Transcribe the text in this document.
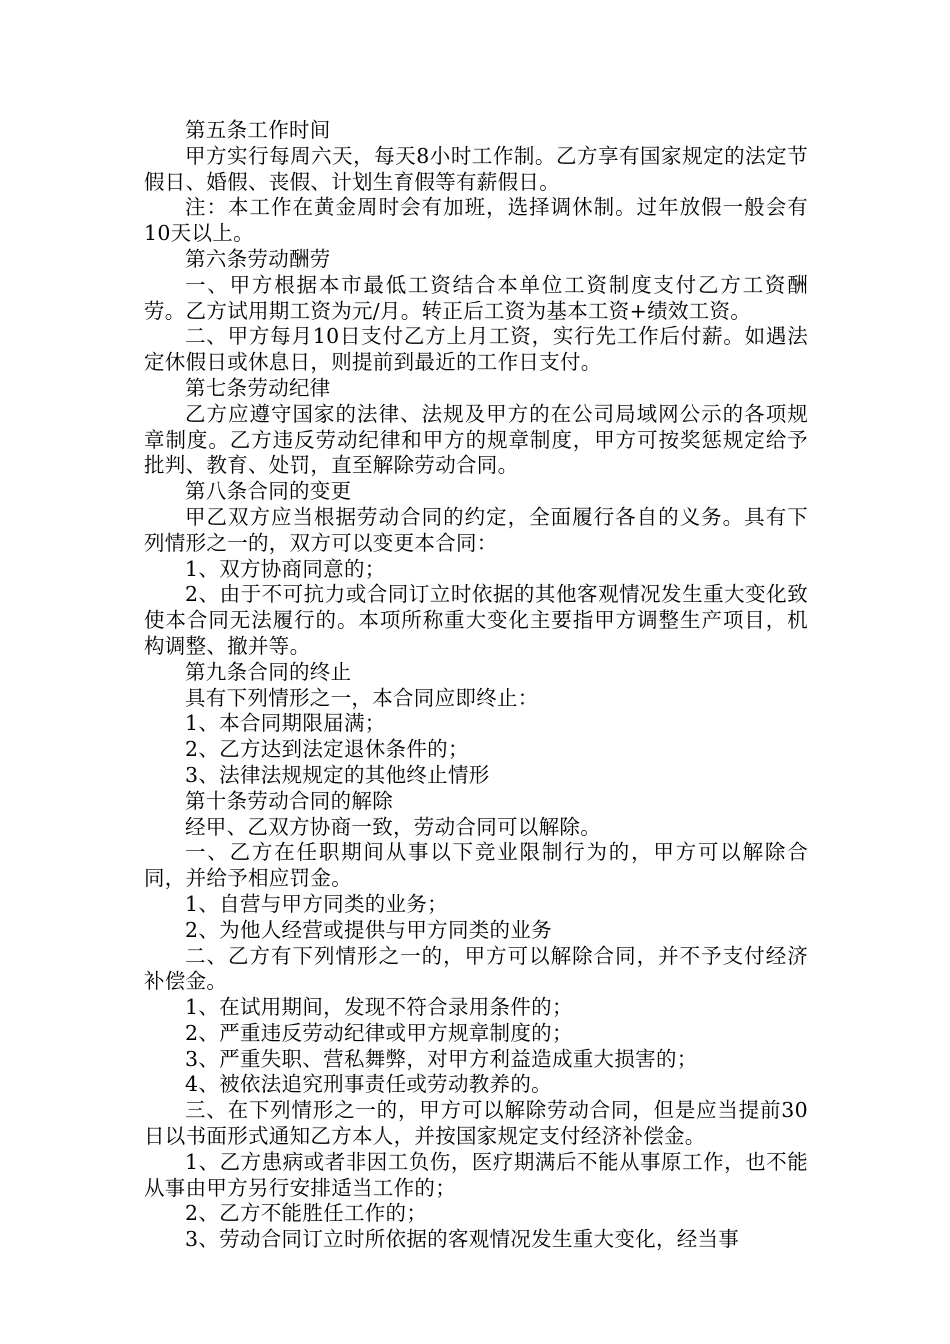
第五条工作时间

甲方实行每周六天，每天8小时工作制。乙方享有国家规定的法定节假日、婚假、丧假、计划生育假等有薪假日。

注：本工作在黄金周时会有加班，选择调休制。过年放假一般会有10天以上。

第六条劳动酬劳

一、甲方根据本市最低工资结合本单位工资制度支付乙方工资酬劳。乙方试用期工资为元/月。转正后工资为基本工资+绩效工资。

二、甲方每月10日支付乙方上月工资，实行先工作后付薪。如遇法定休假日或休息日，则提前到最近的工作日支付。

第七条劳动纪律

乙方应遵守国家的法律、法规及甲方的在公司局域网公示的各项规章制度。乙方违反劳动纪律和甲方的规章制度，甲方可按奖惩规定给予批判、教育、处罚，直至解除劳动合同。

第八条合同的变更

甲乙双方应当根据劳动合同的约定，全面履行各自的义务。具有下列情形之一的，双方可以变更本合同：

1、双方协商同意的；

2、由于不可抗力或合同订立时依据的其他客观情况发生重大变化致使本合同无法履行的。本项所称重大变化主要指甲方调整生产项目，机构调整、撤并等。

第九条合同的终止

具有下列情形之一，本合同应即终止：

1、本合同期限届满；

2、乙方达到法定退休条件的；

3、法律法规规定的其他终止情形

第十条劳动合同的解除

经甲、乙双方协商一致，劳动合同可以解除。

一、乙方在任职期间从事以下竞业限制行为的，甲方可以解除合同，并给予相应罚金。

1、自营与甲方同类的业务；

2、为他人经营或提供与甲方同类的业务

二、乙方有下列情形之一的，甲方可以解除合同，并不予支付经济补偿金。

1、在试用期间，发现不符合录用条件的；

2、严重违反劳动纪律或甲方规章制度的；

3、严重失职、营私舞弊，对甲方利益造成重大损害的；

4、被依法追究刑事责任或劳动教养的。

三、在下列情形之一的，甲方可以解除劳动合同，但是应当提前30日以书面形式通知乙方本人，并按国家规定支付经济补偿金。

1、乙方患病或者非因工负伤，医疗期满后不能从事原工作，也不能从事由甲方另行安排适当工作的；

2、乙方不能胜任工作的；

3、劳动合同订立时所依据的客观情况发生重大变化，经当事
